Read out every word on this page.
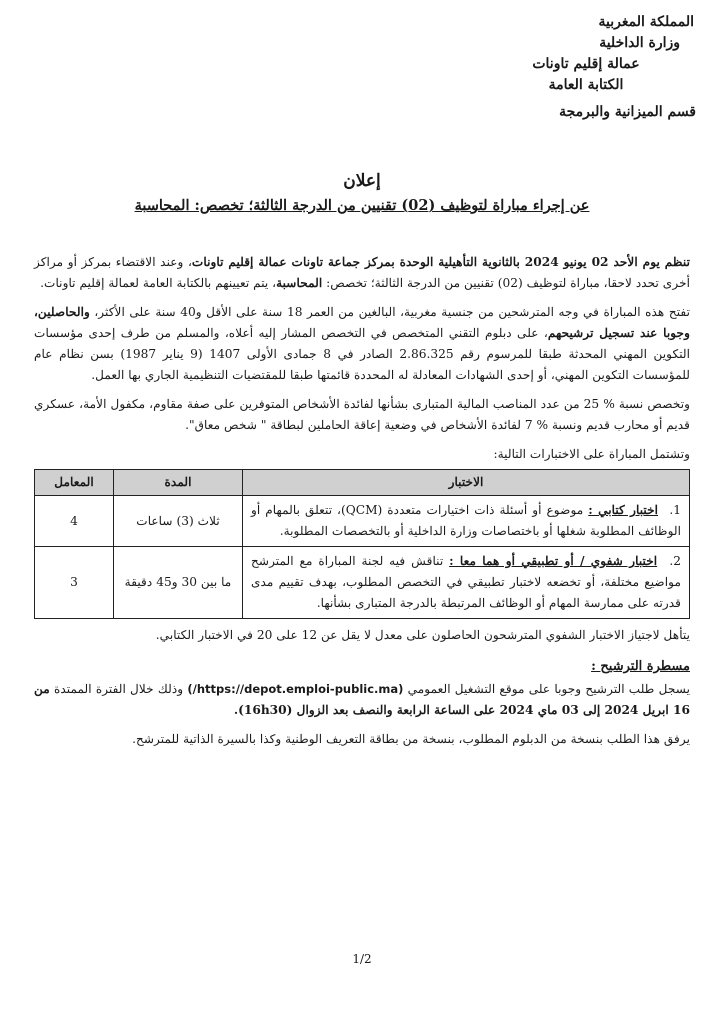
المملكة المغربية
وزارة الداخلية
عمالة إقليم تاونات
الكتابة العامة
قسم الميزانية والبرمجة
إعلان
عن إجراء مباراة لتوظيف (02) تقنيين من الدرجة الثالثة؛ تخصص: المحاسبة

تنظم يوم الأحد 02 يونيو 2024 بالثانوية التأهيلية الوحدة بمركز جماعة تاونات عمالة إقليم تاونات، وعند الاقتضاء بمركز أو مراكز أخرى تحدد لاحقا، مباراة لتوظيف (02) تقنيين من الدرجة الثالثة؛ تخصص: المحاسبة، يتم تعيينهم بالكتابة العامة لعمالة إقليم تاونات.

تفتح هذه المباراة في وجه المترشحين من جنسية مغربية، البالغين من العمر 18 سنة على الأقل و40 سنة على الأكثر، والحاصلين، وجوبا عند تسجيل ترشيحهم، على دبلوم التقني المتخصص في التخصص المشار إليه أعلاه، والمسلم من طرف إحدى مؤسسات التكوين المهني المحدثة طبقا للمرسوم رقم 2.86.325 الصادر في 8 جمادى الأولى 1407 (9 يناير 1987) بسن نظام عام للمؤسسات التكوين المهني، أو إحدى الشهادات المعادلة له المحددة قائمتها طبقا للمقتضيات التنظيمية الجاري بها العمل.

وتخصص نسبة % 25 من عدد المناصب المالية المتبارى بشأنها لفائدة الأشخاص المتوفرين على صفة مقاوم، مكفول الأمة، عسكري قديم أو محارب قديم ونسبة % 7 لفائدة الأشخاص في وضعية إعاقة الحاملين لبطاقة " شخص معاق".

وتشتمل المباراة على الاختبارات التالية:

الاختبار	المدة	المعامل
1. اختبار كتابي : موضوع أو أسئلة ذات اختيارات متعددة (QCM)، تتعلق بالمهام أو الوظائف المطلوبة شغلها أو باختصاصات وزارة الداخلية أو بالتخصصات المطلوبة.	ثلاث (3) ساعات	4
2. اختبار شفوي / أو تطبيقي أو هما معا : تناقش فيه لجنة المباراة مع المترشح مواضيع مختلفة، أو تخضعه لاختبار تطبيقي في التخصص المطلوب، بهدف تقييم مدى قدرته على ممارسة المهام أو الوظائف المرتبطة بالدرجة المتبارى بشأنها.	ما بين 30 و45 دقيقة	3

يتأهل لاجتياز الاختبار الشفوي المترشحون الحاصلون على معدل لا يقل عن 12 على 20 في الاختبار الكتابي.

مسطرة الترشيح :

يسجل طلب الترشيح وجوبا على موقع التشغيل العمومي (https://depot.emploi-public.ma/) وذلك خلال الفترة الممتدة من 16 ابريل 2024 إلى 03 ماي 2024 على الساعة الرابعة والنصف بعد الزوال (16h30).

يرفق هذا الطلب بنسخة من الدبلوم المطلوب، بنسخة من بطاقة التعريف الوطنية وكذا بالسيرة الذاتية للمترشح.

1/2
